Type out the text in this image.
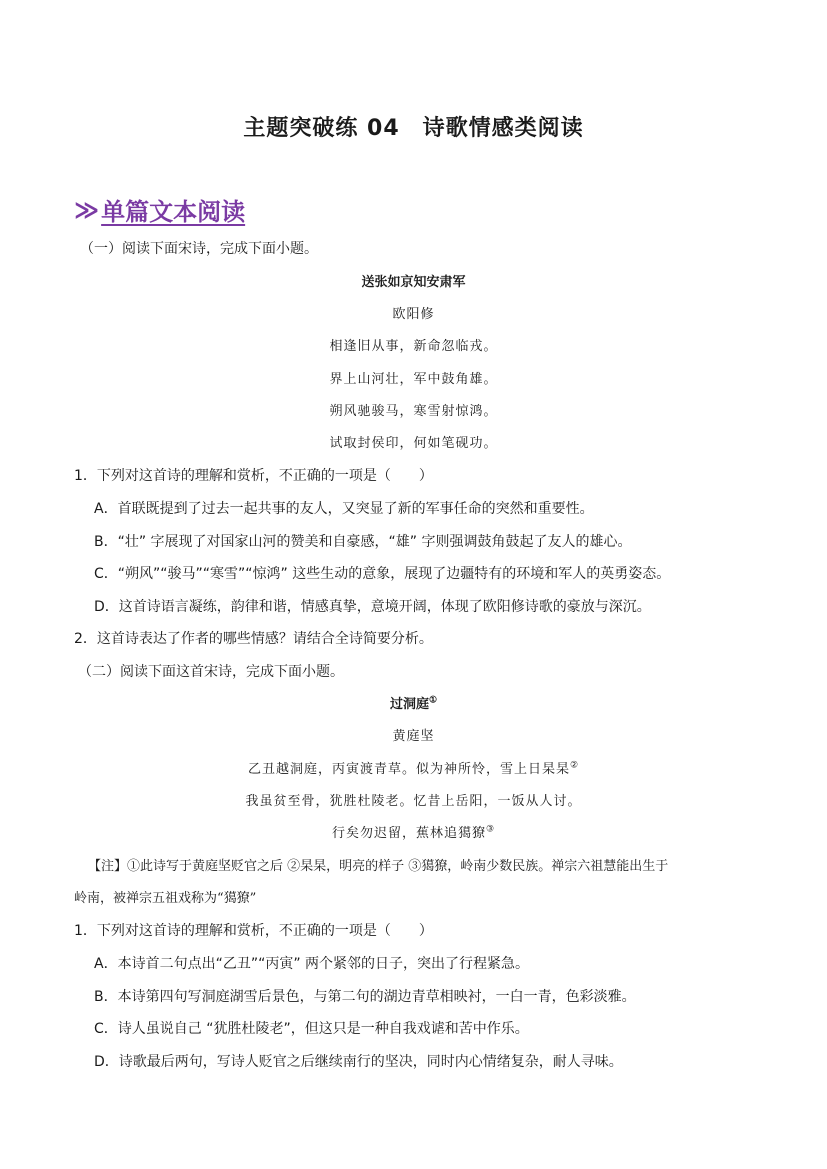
主题突破练 04　诗歌情感类阅读
≫ 单篇文本阅读
（一）阅读下面宋诗，完成下面小题。
送张如京知安肃军
欧阳修
相逢旧从事，新命忽临戎。
界上山河壮，军中鼓角雄。
朔风驰骏马，寒雪射惊鸿。
试取封侯印，何如笔砚功。
1．下列对这首诗的理解和赏析，不正确的一项是（　　）
A．首联既提到了过去一起共事的友人，又突显了新的军事任命的突然和重要性。
B．“壮” 字展现了对国家山河的赞美和自豪感，“雄” 字则强调鼓角鼓起了友人的雄心。
C．“朔风”“骏马”“寒雪”“惊鸿” 这些生动的意象，展现了边疆特有的环境和军人的英勇姿态。
D．这首诗语言凝练，韵律和谐，情感真挚，意境开阔，体现了欧阳修诗歌的豪放与深沉。
2．这首诗表达了作者的哪些情感？请结合全诗简要分析。
（二）阅读下面这首宋诗，完成下面小题。
过洞庭①
黄庭坚
乙丑越洞庭，丙寅渡青草。似为神所怜，雪上日杲杲②
我虽贫至骨，犹胜杜陵老。忆昔上岳阳，一饭从人讨。
行矣勿迟留，蕉林追獦獠③
【注】①此诗写于黄庭坚贬官之后 ②杲杲，明亮的样子 ③獦獠，岭南少数民族。禅宗六祖慧能出生于
岭南，被禅宗五祖戏称为“獦獠”
1．下列对这首诗的理解和赏析，不正确的一项是（　　）
A．本诗首二句点出“乙丑”“丙寅” 两个紧邻的日子，突出了行程紧急。
B．本诗第四句写洞庭湖雪后景色，与第二句的湖边青草相映衬，一白一青，色彩淡雅。
C．诗人虽说自己 “犹胜杜陵老”，但这只是一种自我戏谑和苦中作乐。
D．诗歌最后两句，写诗人贬官之后继续南行的坚决，同时内心情绪复杂，耐人寻味。
